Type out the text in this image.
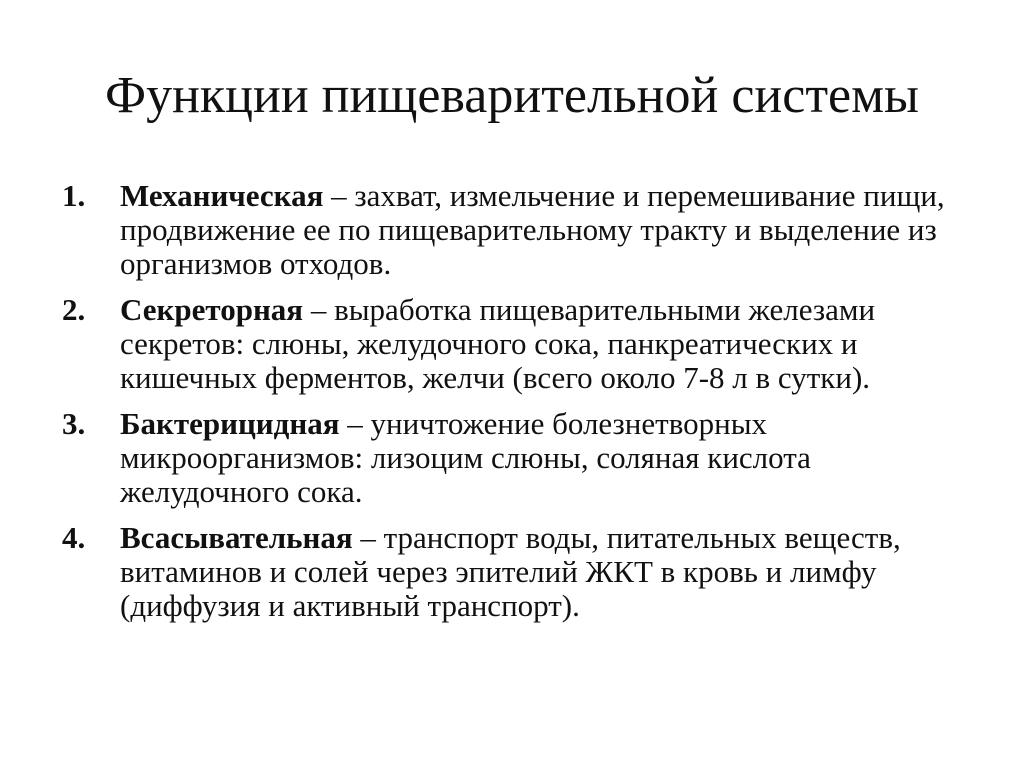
Функции пищеварительной системы
1. Механическая – захват, измельчение и перемешивание пищи, продвижение ее по пищеварительному тракту и выделение из организмов отходов.
2. Секреторная – выработка пищеварительными железами секретов: слюны, желудочного сока, панкреатических и кишечных ферментов, желчи (всего около 7-8 л в сутки).
3. Бактерицидная – уничтожение болезнетворных микроорганизмов: лизоцим слюны, соляная кислота желудочного сока.
4. Всасывательная – транспорт воды, питательных веществ, витаминов и солей через эпителий ЖКТ в кровь и лимфу (диффузия и активный транспорт).
